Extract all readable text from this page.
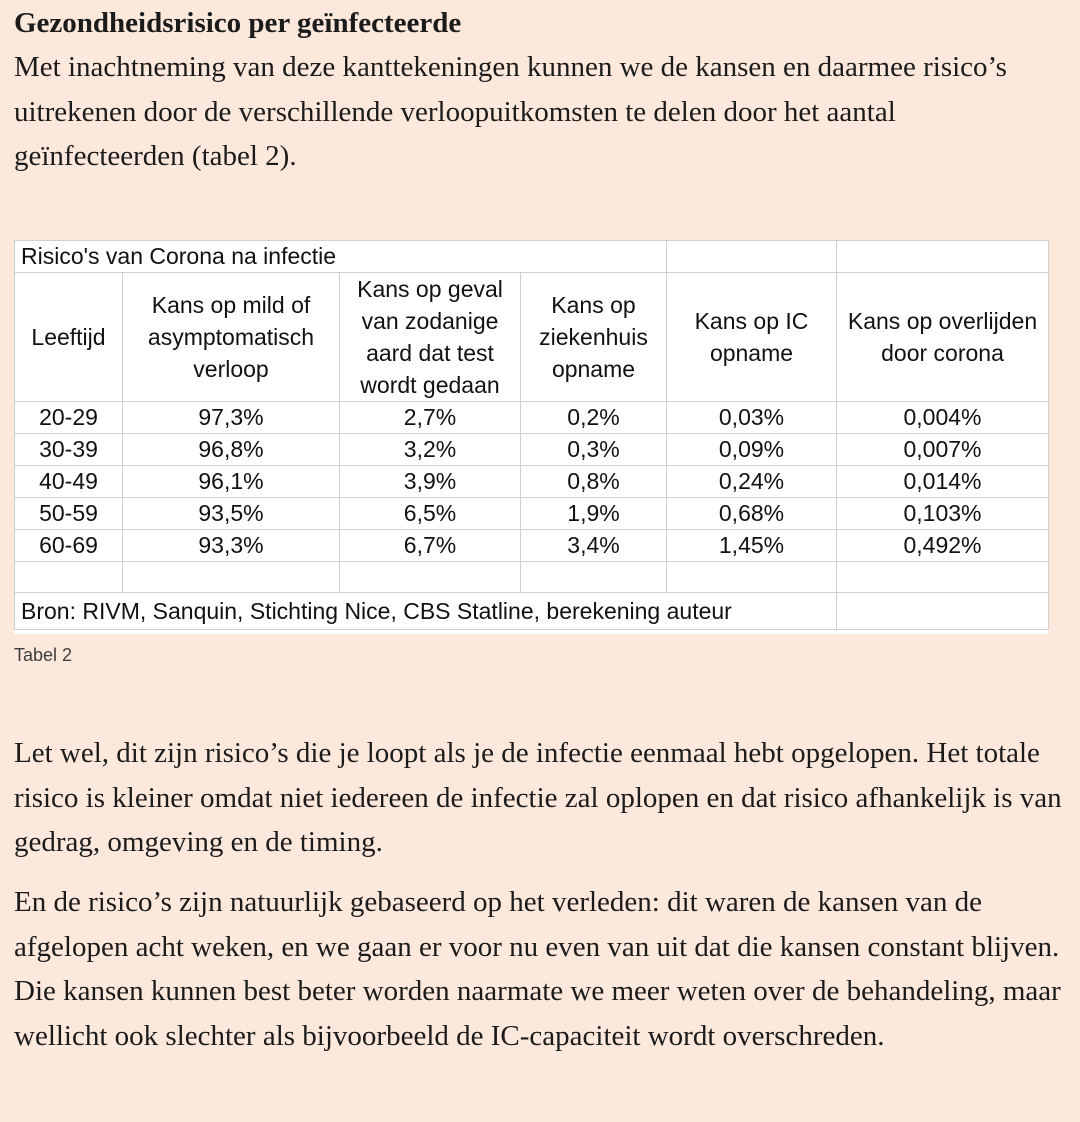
Gezondheidsrisico per geïnfecteerde

Met inachtneming van deze kanttekeningen kunnen we de kansen en daarmee risico’s uitrekenen door de verschillende verloopuitkomsten te delen door het aantal geïnfecteerden (tabel 2).

Risico's van Corona na infectie					
Leeftijd	Kans op mild of asymptomatisch verloop	Kans op geval van zodanige aard dat test wordt gedaan	Kans op ziekenhuis opname	Kans op IC opname	Kans op overlijden door corona
20-29	97,3%	2,7%	0,2%	0,03%	0,004%
30-39	96,8%	3,2%	0,3%	0,09%	0,007%
40-49	96,1%	3,9%	0,8%	0,24%	0,014%
50-59	93,5%	6,5%	1,9%	0,68%	0,103%
60-69	93,3%	6,7%	3,4%	1,45%	0,492%

Bron: RIVM, Sanquin, Stichting Nice, CBS Statline, berekening auteur					

Tabel 2

Let wel, dit zijn risico’s die je loopt als je de infectie eenmaal hebt opgelopen. Het totale risico is kleiner omdat niet iedereen de infectie zal oplopen en dat risico afhankelijk is van gedrag, omgeving en de timing.

En de risico’s zijn natuurlijk gebaseerd op het verleden: dit waren de kansen van de afgelopen acht weken, en we gaan er voor nu even van uit dat die kansen constant blijven. Die kansen kunnen best beter worden naarmate we meer weten over de behandeling, maar wellicht ook slechter als bijvoorbeeld de IC-capaciteit wordt overschreden.
